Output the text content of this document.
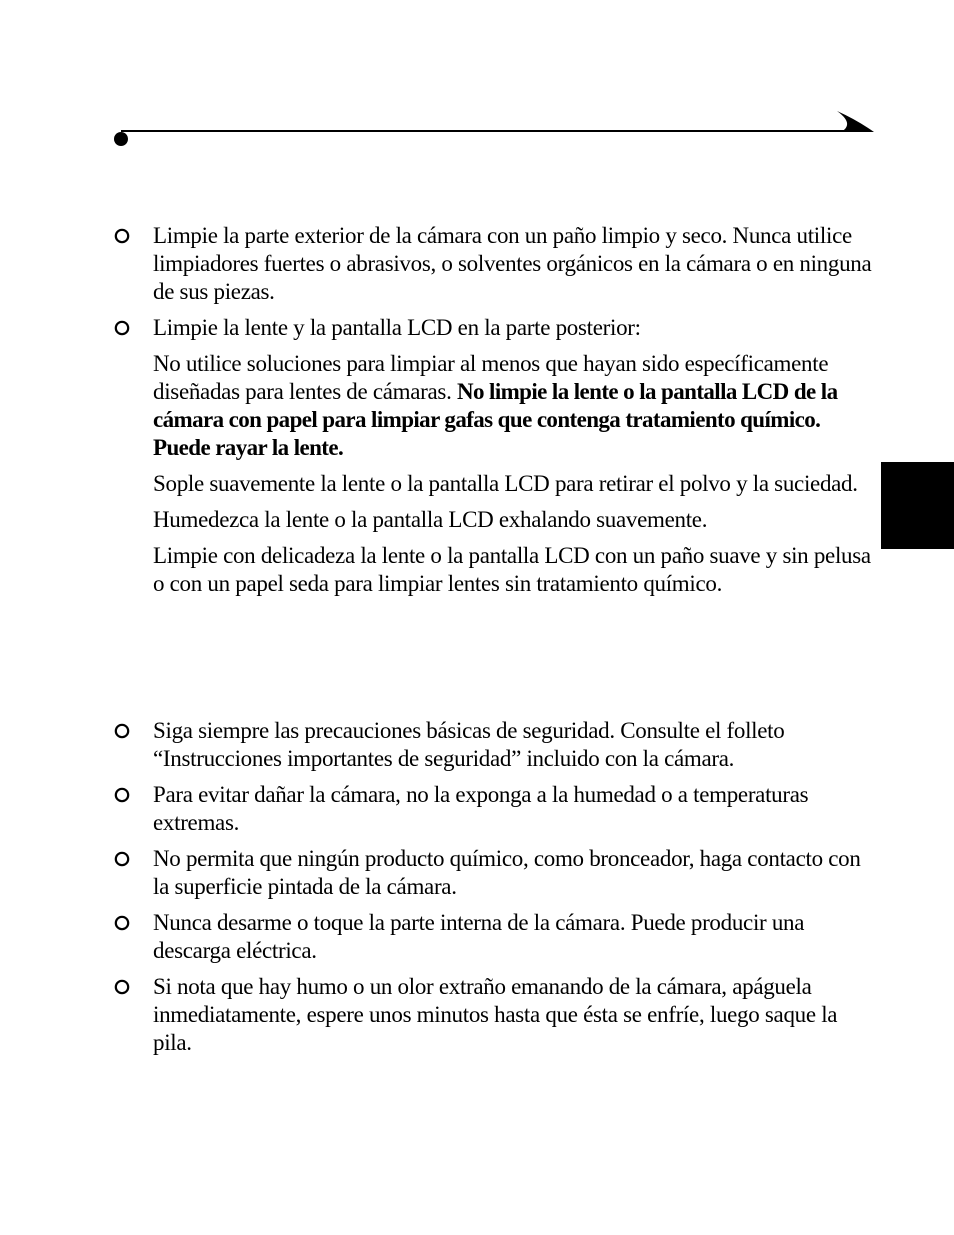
Limpie la parte exterior de la cámara con un paño limpio y seco. Nunca utilice limpiadores fuertes o abrasivos, o solventes orgánicos en la cámara o en ninguna de sus piezas.

Limpie la lente y la pantalla LCD en la parte posterior:

No utilice soluciones para limpiar al menos que hayan sido específicamente diseñadas para lentes de cámaras. No limpie la lente o la pantalla LCD de la cámara con papel para limpiar gafas que contenga tratamiento químico. Puede rayar la lente.

Sople suavemente la lente o la pantalla LCD para retirar el polvo y la suciedad.

Humedezca la lente o la pantalla LCD exhalando suavemente.

Limpie con delicadeza la lente o la pantalla LCD con un paño suave y sin pelusa o con un papel seda para limpiar lentes sin tratamiento químico.

Siga siempre las precauciones básicas de seguridad. Consulte el folleto “Instrucciones importantes de seguridad” incluido con la cámara.

Para evitar dañar la cámara, no la exponga a la humedad o a temperaturas extremas.

No permita que ningún producto químico, como bronceador, haga contacto con la superficie pintada de la cámara.

Nunca desarme o toque la parte interna de la cámara. Puede producir una descarga eléctrica.

Si nota que hay humo o un olor extraño emanando de la cámara, apáguela inmediatamente, espere unos minutos hasta que ésta se enfríe, luego saque la pila.
